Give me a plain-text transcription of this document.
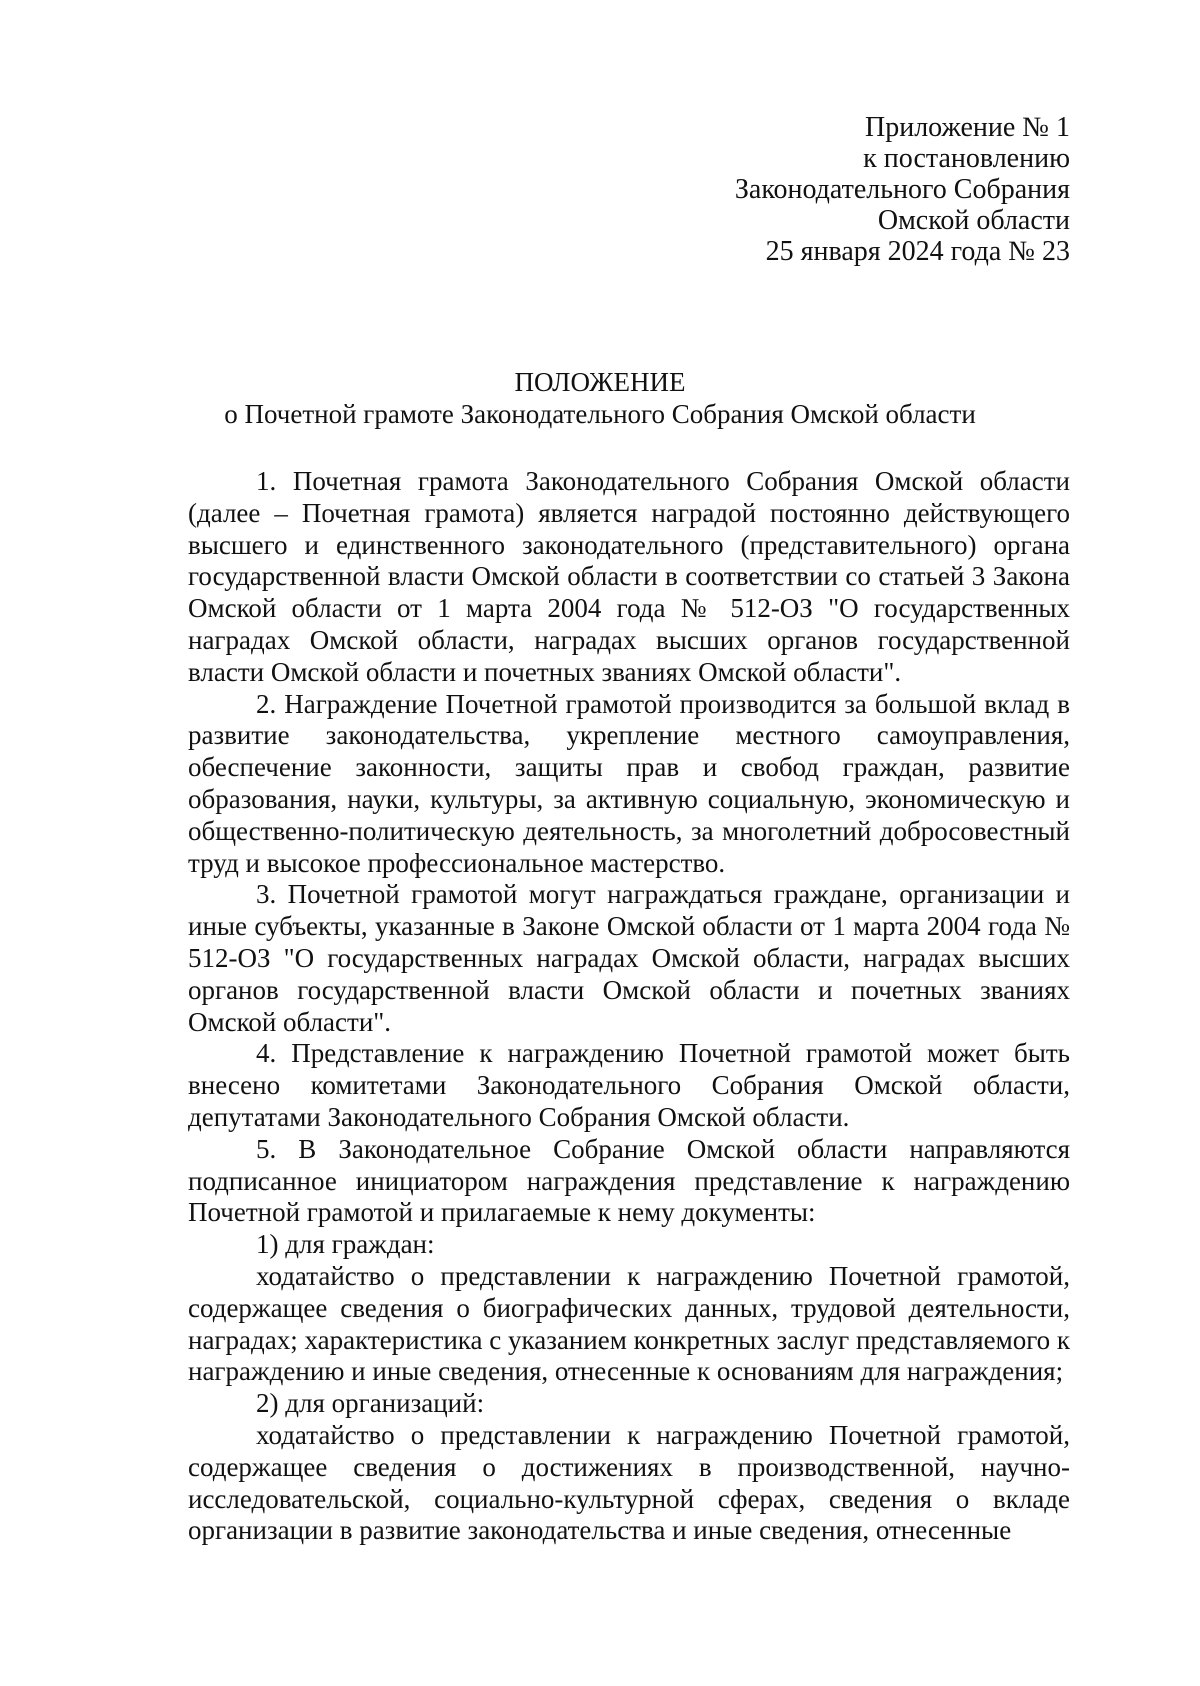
Приложение № 1
к постановлению
Законодательного Собрания
Омской области
25 января 2024 года № 23
ПОЛОЖЕНИЕ
о Почетной грамоте Законодательного Собрания Омской области

1. Почетная грамота Законодательного Собрания Омской области (далее – Почетная грамота) является наградой постоянно действующего высшего и единственного законодательного (представительного) органа государственной власти Омской области в соответствии со статьей 3 Закона Омской области от 1 марта 2004 года № 512-ОЗ "О государственных наградах Омской области, наградах высших органов государственной власти Омской области и почетных званиях Омской области".

2. Награждение Почетной грамотой производится за большой вклад в развитие законодательства, укрепление местного самоуправления, обеспечение законности, защиты прав и свобод граждан, развитие образования, науки, культуры, за активную социальную, экономическую и общественно-политическую деятельность, за многолетний добросовестный труд и высокое профессиональное мастерство.

3. Почетной грамотой могут награждаться граждане, организации и иные субъекты, указанные в Законе Омской области от 1 марта 2004 года № 512-ОЗ "О государственных наградах Омской области, наградах высших органов государственной власти Омской области и почетных званиях Омской области".

4. Представление к награждению Почетной грамотой может быть внесено комитетами Законодательного Собрания Омской области, депутатами Законодательного Собрания Омской области.

5. В Законодательное Собрание Омской области направляются подписанное инициатором награждения представление к награждению Почетной грамотой и прилагаемые к нему документы:

1) для граждан:

ходатайство о представлении к награждению Почетной грамотой, содержащее сведения о биографических данных, трудовой деятельности, наградах; характеристика с указанием конкретных заслуг представляемого к награждению и иные сведения, отнесенные к основаниям для награждения;

2) для организаций:

ходатайство о представлении к награждению Почетной грамотой, содержащее сведения о достижениях в производственной, научно-исследовательской, социально-культурной сферах, сведения о вкладе организации в развитие законодательства и иные сведения, отнесенные
